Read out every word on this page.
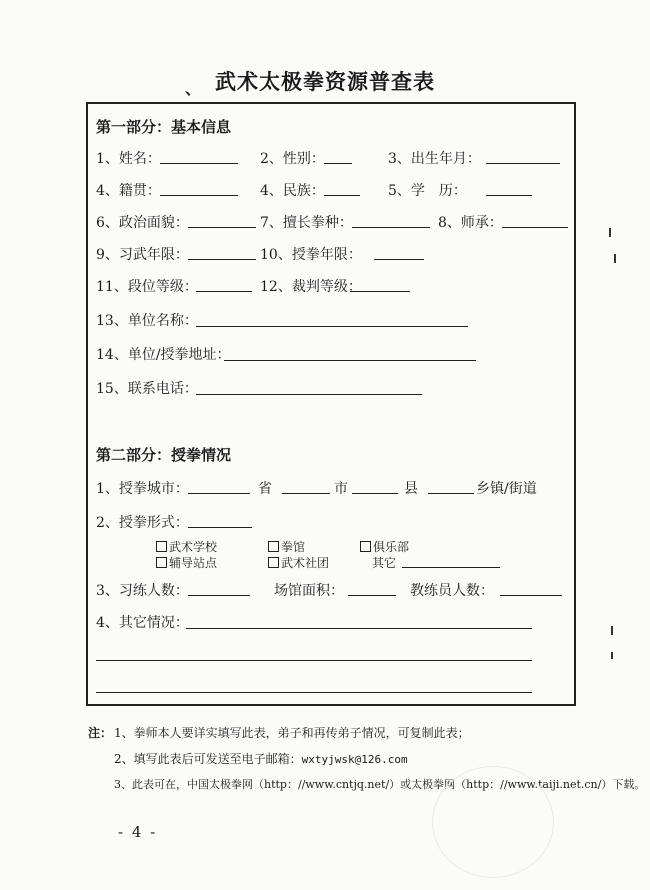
、 武术太极拳资源普查表
第一部分：基本信息
1、姓名：	2、性别：	3、出生年月：
4、籍贯：	4、民族：	5、学　历：
6、政治面貌：	7、擅长拳种：	8、师承：
9、习武年限：	10、授拳年限：
11、段位等级：	12、裁判等级：
13、单位名称：
14、单位/授拳地址：
15、联系电话：
第二部分：授拳情况
1、授拳城市：	省	市	县	乡镇/街道
2、授拳形式：
武术学校	拳馆	俱乐部
辅导站点	武术社团	其它
3、习练人数：	场馆面积：	教练员人数：
4、其它情况：
注： 1、拳师本人要详实填写此表，弟子和再传弟子情况，可复制此表；
2、填写此表后可发送至电子邮箱：wxtyjwsk@126.com
3、此表可在，中国太极拳网（http：//www.cntjq.net/）或太极拳网（http：//www.taiji.net.cn/）下载。
- 4 -
